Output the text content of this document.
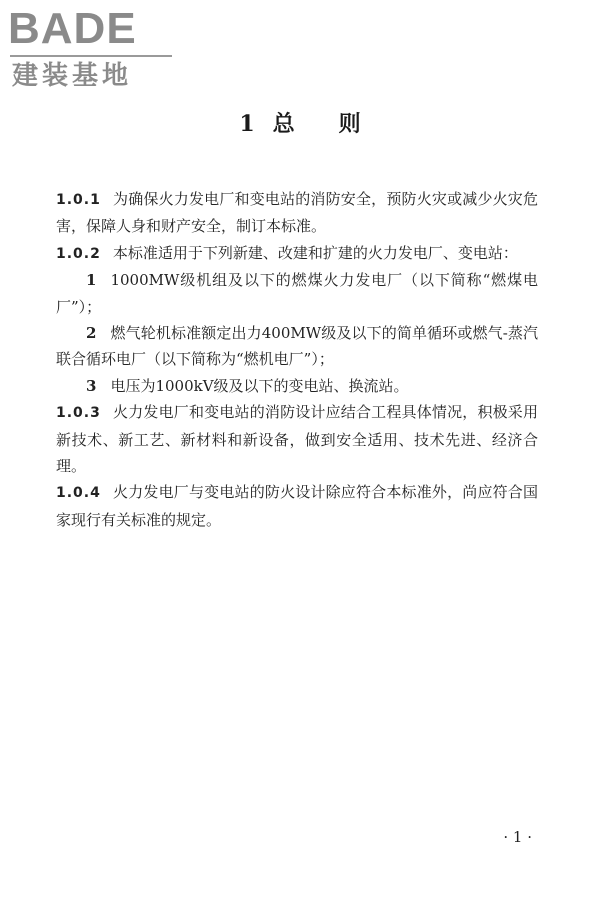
BADE
建装基地
1 总 则

1.0.1 为确保火力发电厂和变电站的消防安全，预防火灾或减少火灾危害，保障人身和财产安全，制订本标准。

1.0.2 本标准适用于下列新建、改建和扩建的火力发电厂、变电站：

1 1000MW级机组及以下的燃煤火力发电厂（以下简称“燃煤电厂”）；

2 燃气轮机标准额定出力400MW级及以下的简单循环或燃气-蒸汽联合循环电厂（以下简称为“燃机电厂”）；

3 电压为1000kV级及以下的变电站、换流站。

1.0.3 火力发电厂和变电站的消防设计应结合工程具体情况，积极采用新技术、新工艺、新材料和新设备，做到安全适用、技术先进、经济合理。

1.0.4 火力发电厂与变电站的防火设计除应符合本标准外，尚应符合国家现行有关标准的规定。

· 1 ·
